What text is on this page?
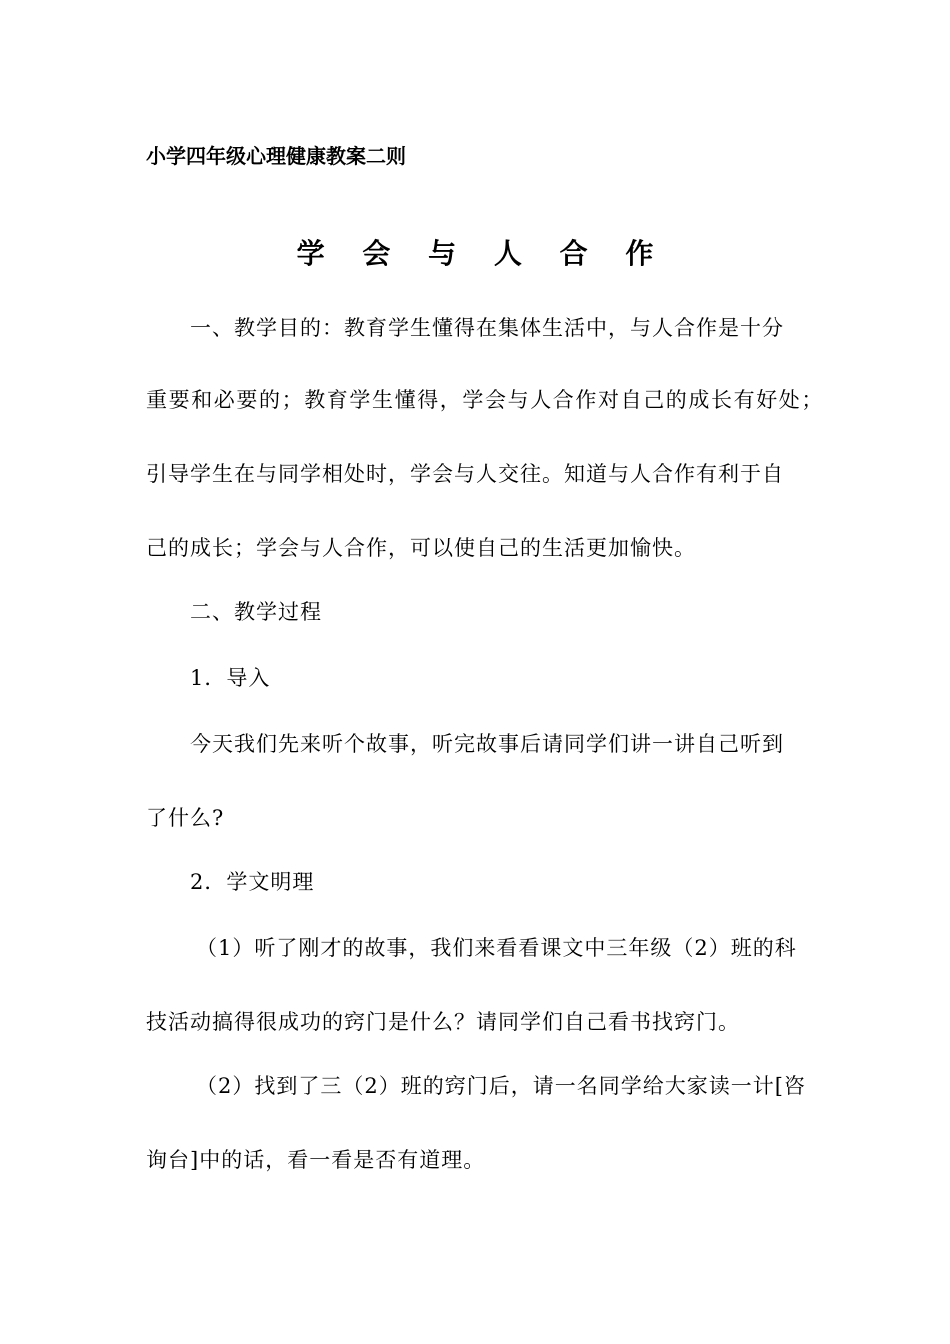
小学四年级心理健康教案二则
学 会 与 人 合 作
一、教学目的：教育学生懂得在集体生活中，与人合作是十分
重要和必要的；教育学生懂得，学会与人合作对自己的成长有好处；
引导学生在与同学相处时，学会与人交往。知道与人合作有利于自
己的成长；学会与人合作，可以使自己的生活更加愉快。
二、教学过程
1．导入
今天我们先来听个故事，听完故事后请同学们讲一讲自己听到
了什么?
2．学文明理
（1）听了刚才的故事，我们来看看课文中三年级（2）班的科
技活动搞得很成功的窍门是什么？请同学们自己看书找窍门。
（2）找到了三（2）班的窍门后，请一名同学给大家读一计[咨
询台]中的话，看一看是否有道理。
